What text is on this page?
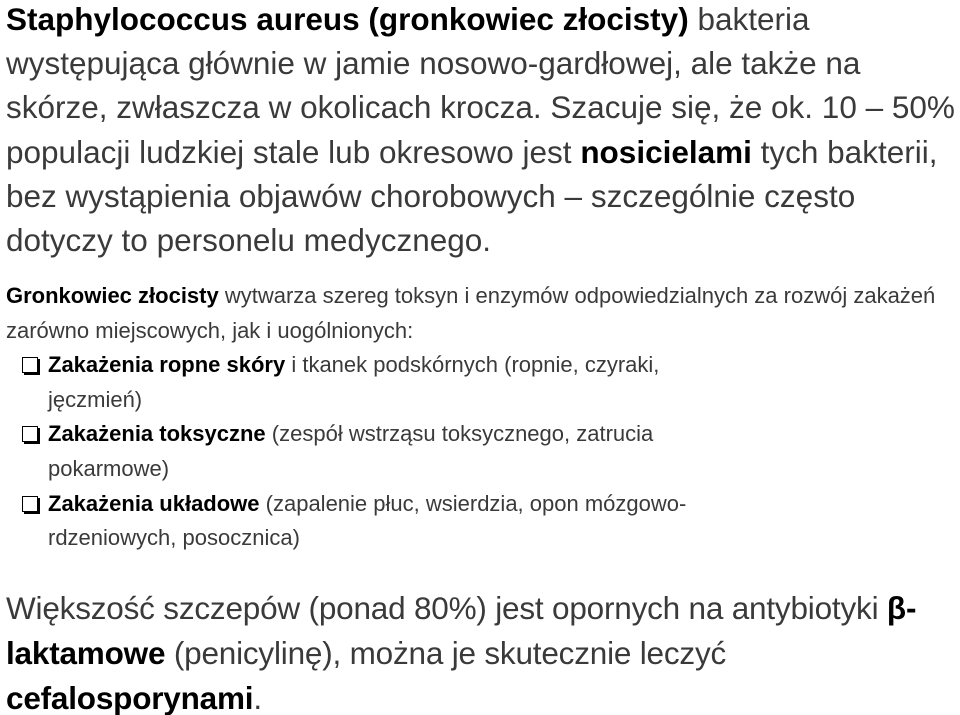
Staphylococcus aureus (gronkowiec złocisty) bakteria występująca głównie w jamie nosowo-gardłowej, ale także na skórze, zwłaszcza w okolicach krocza. Szacuje się, że ok. 10 – 50% populacji ludzkiej stale lub okresowo jest nosicielami tych bakterii, bez wystąpienia objawów chorobowych – szczególnie często dotyczy to personelu medycznego.
Gronkowiec złocisty wytwarza szereg toksyn i enzymów odpowiedzialnych za rozwój zakażeń zarówno miejscowych, jak i uogólnionych:
Zakażenia ropne skóry i tkanek podskórnych (ropnie, czyraki,
jęczmień)
Zakażenia toksyczne (zespół wstrząsu toksycznego, zatrucia
pokarmowe)
Zakażenia układowe (zapalenie płuc, wsierdzia, opon mózgowo-
rdzeniowych, posocznica)
Większość szczepów (ponad 80%) jest opornych na antybiotyki β-laktamowe (penicylinę), można je skutecznie leczyć cefalosporynami.
